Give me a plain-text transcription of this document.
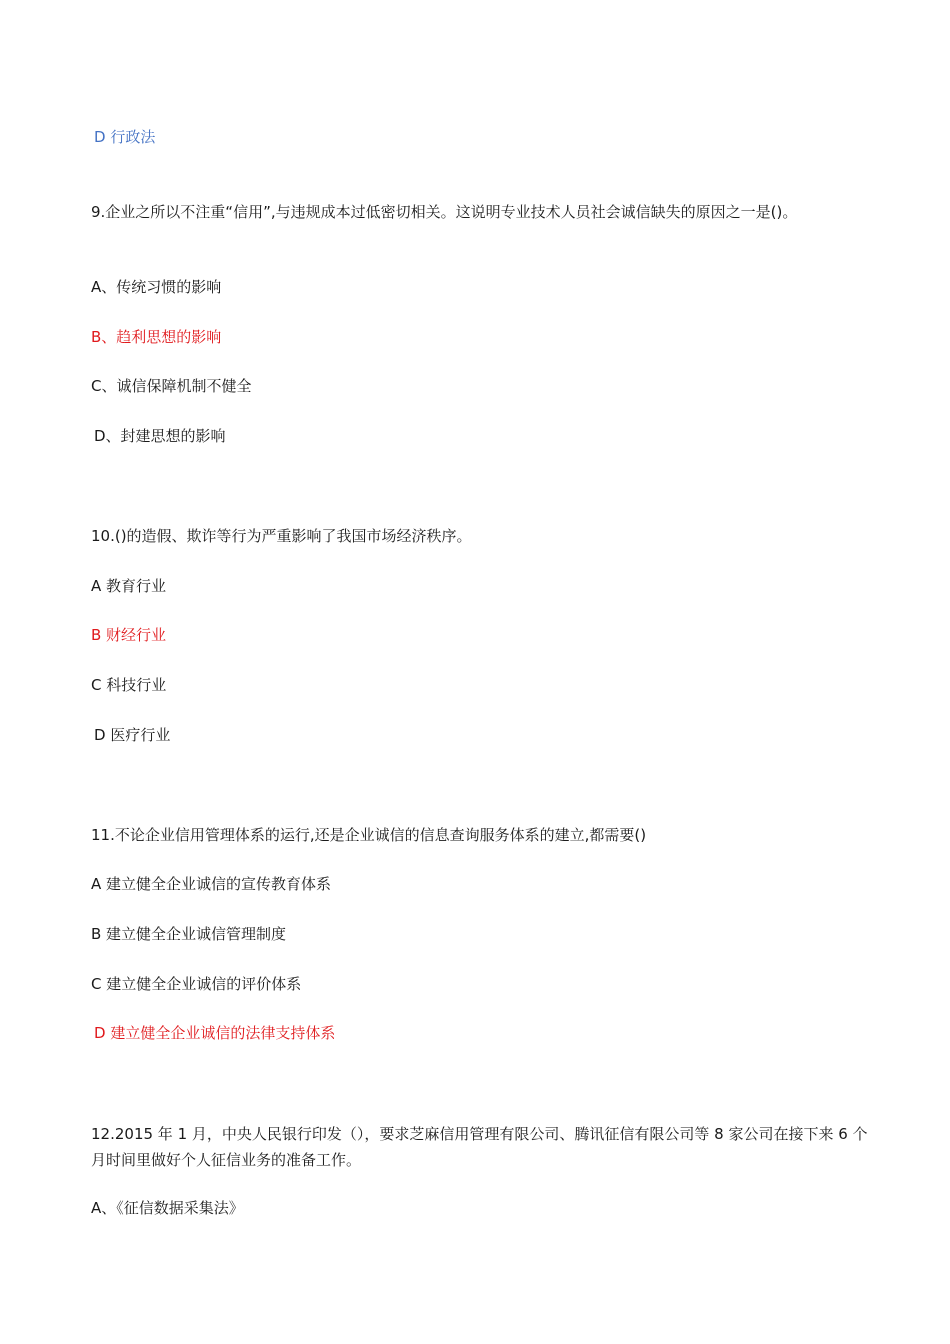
D 行政法
9.企业之所以不注重“信用”,与违规成本过低密切相关。这说明专业技术人员社会诚信缺失的原因之一是()。
A、传统习惯的影响
B、趋利思想的影响
C、诚信保障机制不健全
D、封建思想的影响
10.()的造假、欺诈等行为严重影响了我国市场经济秩序。
A 教育行业
B 财经行业
C 科技行业
D 医疗行业
11.不论企业信用管理体系的运行,还是企业诚信的信息查询服务体系的建立,都需要()
A 建立健全企业诚信的宣传教育体系
B 建立健全企业诚信管理制度
C 建立健全企业诚信的评价体系
D 建立健全企业诚信的法律支持体系
12.2015 年 1 月，中央人民银行印发（），要求芝麻信用管理有限公司、腾讯征信有限公司等 8 家公司在接下来 6 个月时间里做好个人征信业务的准备工作。
A、《征信数据采集法》
